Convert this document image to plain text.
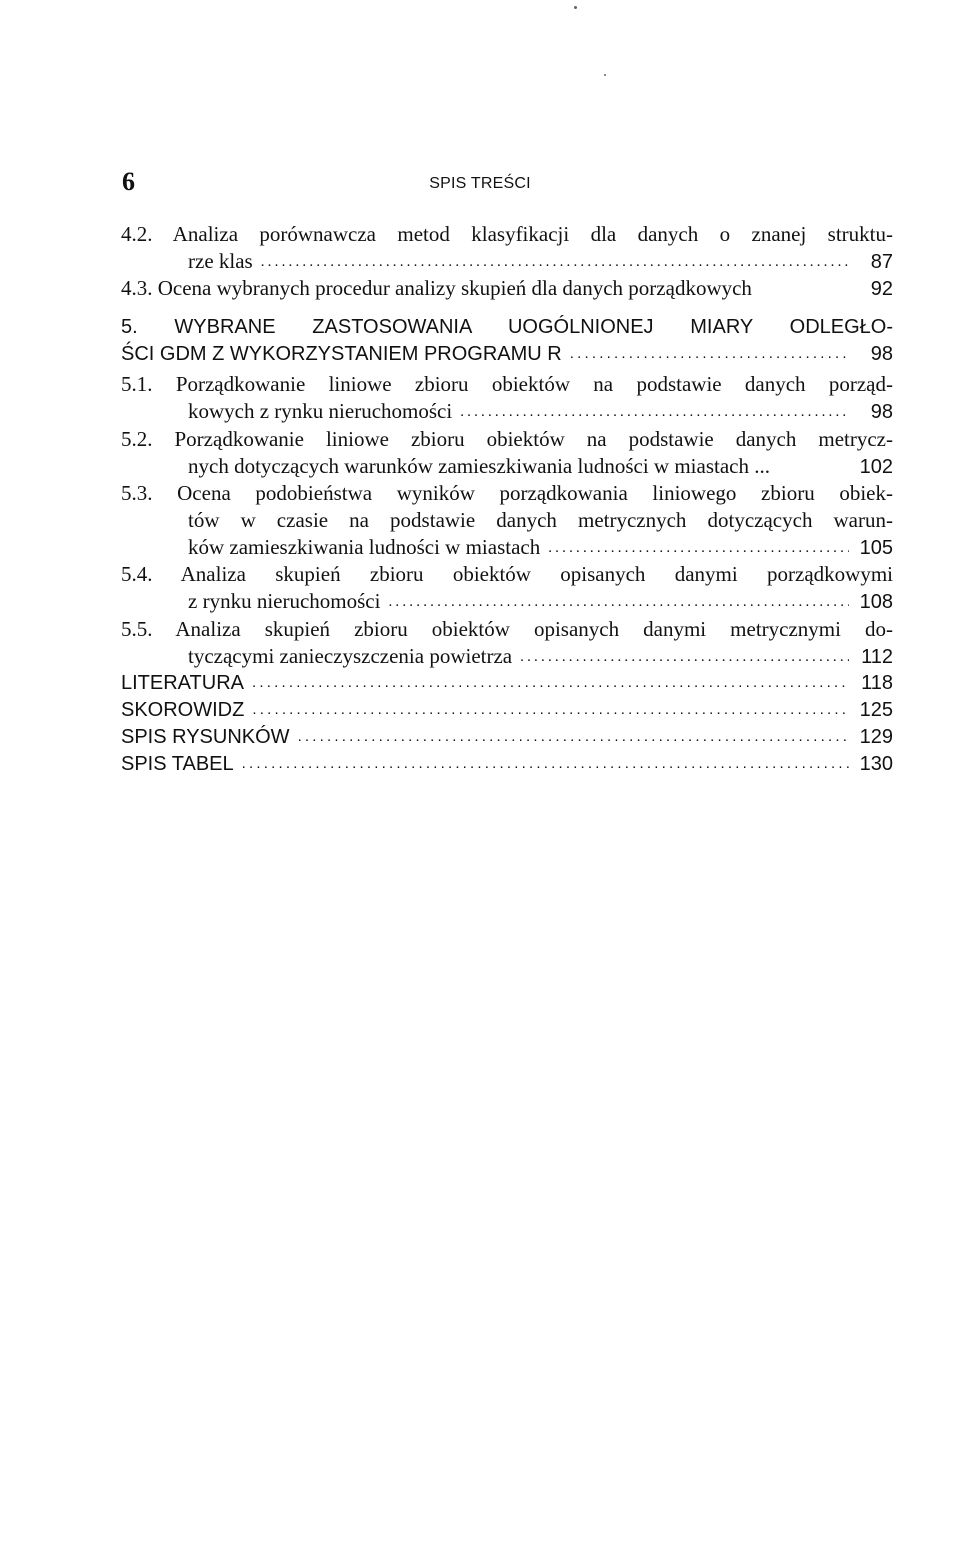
6	SPIS TREŚCI
4.2. Analiza porównawcza metod klasyfikacji dla danych o znanej struktu-
rze klas .....	87
4.3. Ocena wybranych procedur analizy skupień dla danych porządkowych	92
5. WYBRANE ZASTOSOWANIA UOGÓLNIONEJ MIARY ODLEGŁO-
ŚCI GDM Z WYKORZYSTANIEM PROGRAMU R .....	98
5.1. Porządkowanie liniowe zbioru obiektów na podstawie danych porząd-
kowych z rynku nieruchomości .....	98
5.2. Porządkowanie liniowe zbioru obiektów na podstawie danych metrycz-
nych dotyczących warunków zamieszkiwania ludności w miastach ...	102
5.3. Ocena podobieństwa wyników porządkowania liniowego zbioru obiek-
tów w czasie na podstawie danych metrycznych dotyczących warun-
ków zamieszkiwania ludności w miastach .....	105
5.4. Analiza skupień zbioru obiektów opisanych danymi porządkowymi
z rynku nieruchomości .....	108
5.5. Analiza skupień zbioru obiektów opisanych danymi metrycznymi do-
tyczącymi zanieczyszczenia powietrza .....	112
LITERATURA .....	118
SKOROWIDZ .....	125
SPIS RYSUNKÓW .....	129
SPIS TABEL .....	130
